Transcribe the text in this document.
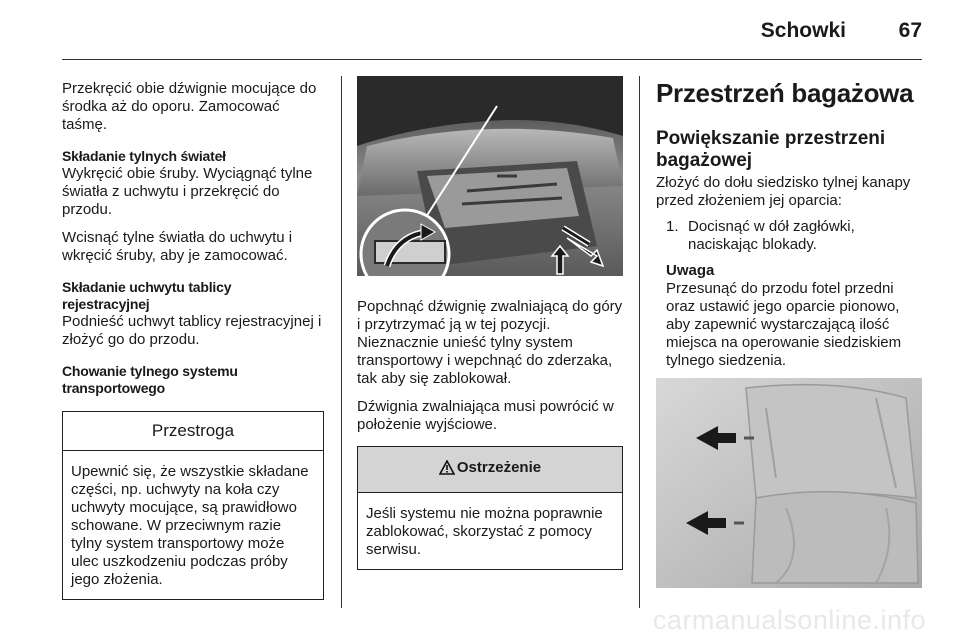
Schowki	67

Przekręcić obie dźwignie mocujące do środka aż do oporu. Zamocować taśmę.

Składanie tylnych świateł

Wykręcić obie śruby. Wyciągnąć tylne światła z uchwytu i przekręcić do przodu.

Wcisnąć tylne światła do uchwytu i wkręcić śruby, aby je zamocować.

Składanie uchwytu tablicy
rejestracyjnej

Podnieść uchwyt tablicy rejestracyjnej i złożyć go do przodu.

Chowanie tylnego systemu
transportowego
Przestroga
Upewnić się, że wszystkie składane części, np. uchwyty na koła czy uchwyty mocujące, są prawidłowo schowane. W przeciwnym razie tylny system transportowy może ulec uszkodzeniu podczas próby jego złożenia.

Popchnąć dźwignię zwalniającą do góry i przytrzymać ją w tej pozycji. Nieznacznie unieść tylny system transportowy i wepchnąć do zderzaka, tak aby się zablokował.

Dźwignia zwalniająca musi powrócić w położenie wyjściowe.

Ostrzeżenie
Jeśli systemu nie można poprawnie zablokować, skorzystać z pomocy serwisu.
Przestrzeń bagażowa
Powiększanie przestrzeni bagażowej

Złożyć do dołu siedzisko tylnej kanapy przed złożeniem jej oparcia:

1. Docisnąć w dół zagłówki, naciskając blokady.
Uwaga
Przesunąć do przodu fotel przedni oraz ustawić jego oparcie pionowo, aby zapewnić wystarczającą ilość miejsca na operowanie siedziskiem tylnego siedzenia.
carmanualsonline.info
